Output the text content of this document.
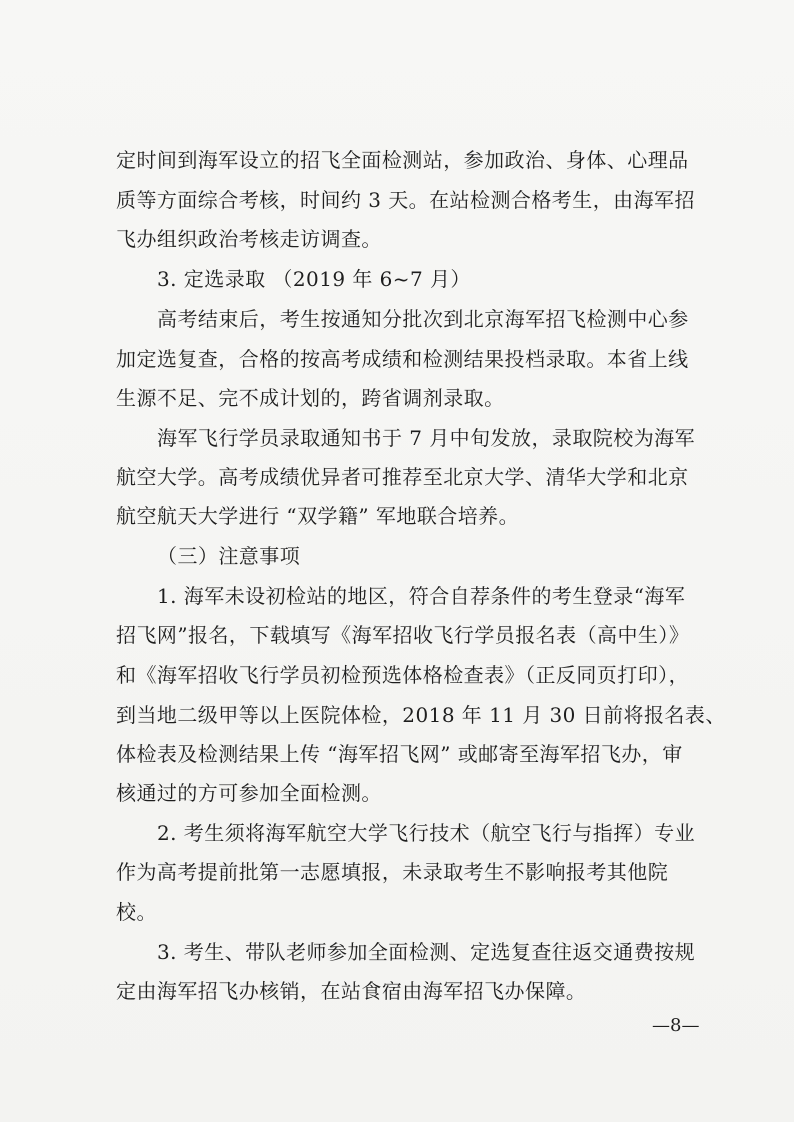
定时间到海军设立的招飞全面检测站，参加政治、身体、心理品
质等方面综合考核，时间约 3 天。在站检测合格考生，由海军招
飞办组织政治考核走访调查。
3. 定选录取 （2019 年 6~7 月）
高考结束后，考生按通知分批次到北京海军招飞检测中心参
加定选复查，合格的按高考成绩和检测结果投档录取。本省上线
生源不足、完不成计划的，跨省调剂录取。
海军飞行学员录取通知书于 7 月中旬发放，录取院校为海军
航空大学。高考成绩优异者可推荐至北京大学、清华大学和北京
航空航天大学进行 “双学籍” 军地联合培养。
（三）注意事项
1. 海军未设初检站的地区，符合自荐条件的考生登录“海军
招飞网”报名，下载填写《海军招收飞行学员报名表（高中生）》
和《海军招收飞行学员初检预选体格检查表》（正反同页打印），
到当地二级甲等以上医院体检，2018 年 11 月 30 日前将报名表、
体检表及检测结果上传 “海军招飞网” 或邮寄至海军招飞办，审
核通过的方可参加全面检测。
2. 考生须将海军航空大学飞行技术（航空飞行与指挥）专业
作为高考提前批第一志愿填报，未录取考生不影响报考其他院
校。
3. 考生、带队老师参加全面检测、定选复查往返交通费按规
定由海军招飞办核销，在站食宿由海军招飞办保障。
—8—
